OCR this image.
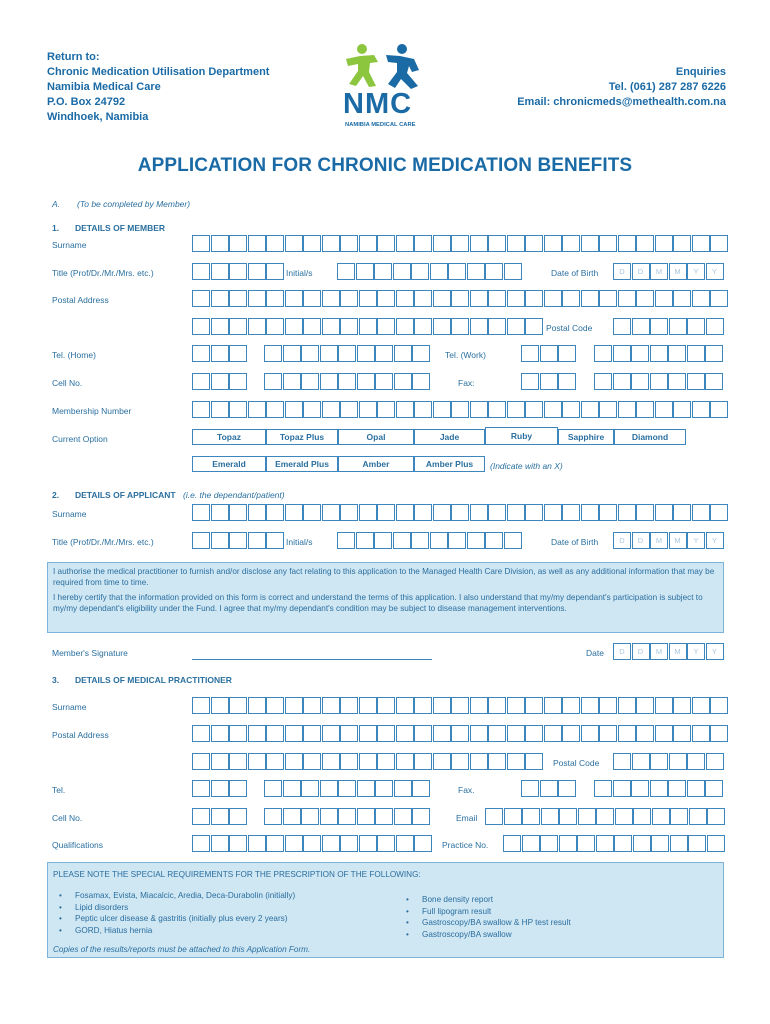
Return to:
Chronic Medication Utilisation Department
Namibia Medical Care
P.O. Box 24792
Windhoek, Namibia	NMC
NAMIBIA MEDICAL CARE
Enquiries
Tel. (061) 287 287 6226
Email: chronicmeds@methealth.com.na
APPLICATION FOR CHRONIC MEDICATION BENEFITS
A. (To be completed by Member)
1. DETAILS OF MEMBER
Surname
Title (Prof/Dr./Mr./Mrs. etc.)	Initial/s	Date of Birth	D	D	M	M	Y	Y
Postal Address
Postal Code
Tel. (Home)	Tel. (Work)
Cell No.	Fax:
Membership Number
Current Option	Topaz	Topaz Plus	Opal	Jade	Ruby	Sapphire	Diamond
Emerald	Emerald Plus	Amber	Amber Plus	(Indicate with an X)
2. DETAILS OF APPLICANT (i.e. the dependant/patient)
Surname
Title (Prof/Dr./Mr./Mrs. etc.)	Initial/s	Date of Birth	D	D	M	M	Y	Y
I authorise the medical practitioner to furnish and/or disclose any fact relating to this application to the Managed Health Care Division, as well as any additional information that may be required from time to time.
I hereby certify that the information provided on this form is correct and understand the terms of this application. I also understand that my/my dependant's participation is subject to my/my dependant's eligibility under the Fund. I agree that my/my dependant's condition may be subject to disease management interventions.
Member's Signature	Date	D	D	M	M	Y	Y
3. DETAILS OF MEDICAL PRACTITIONER
Surname
Postal Address
Postal Code
Tel.	Fax.
Cell No.	Email
Qualifications	Practice No.
PLEASE NOTE THE SPECIAL REQUIREMENTS FOR THE PRESCRIPTION OF THE FOLLOWING:
• Fosamax, Evista, Miacalcic, Aredia, Deca-Durabolin (initially)
• Lipid disorders
• Peptic ulcer disease & gastritis (initially plus every 2 years)
• GORD, Hiatus hernia
• Bone density report
• Full lipogram result
• Gastroscopy/BA swallow & HP test result
• Gastroscopy/BA swallow
Copies of the results/reports must be attached to this Application Form.
